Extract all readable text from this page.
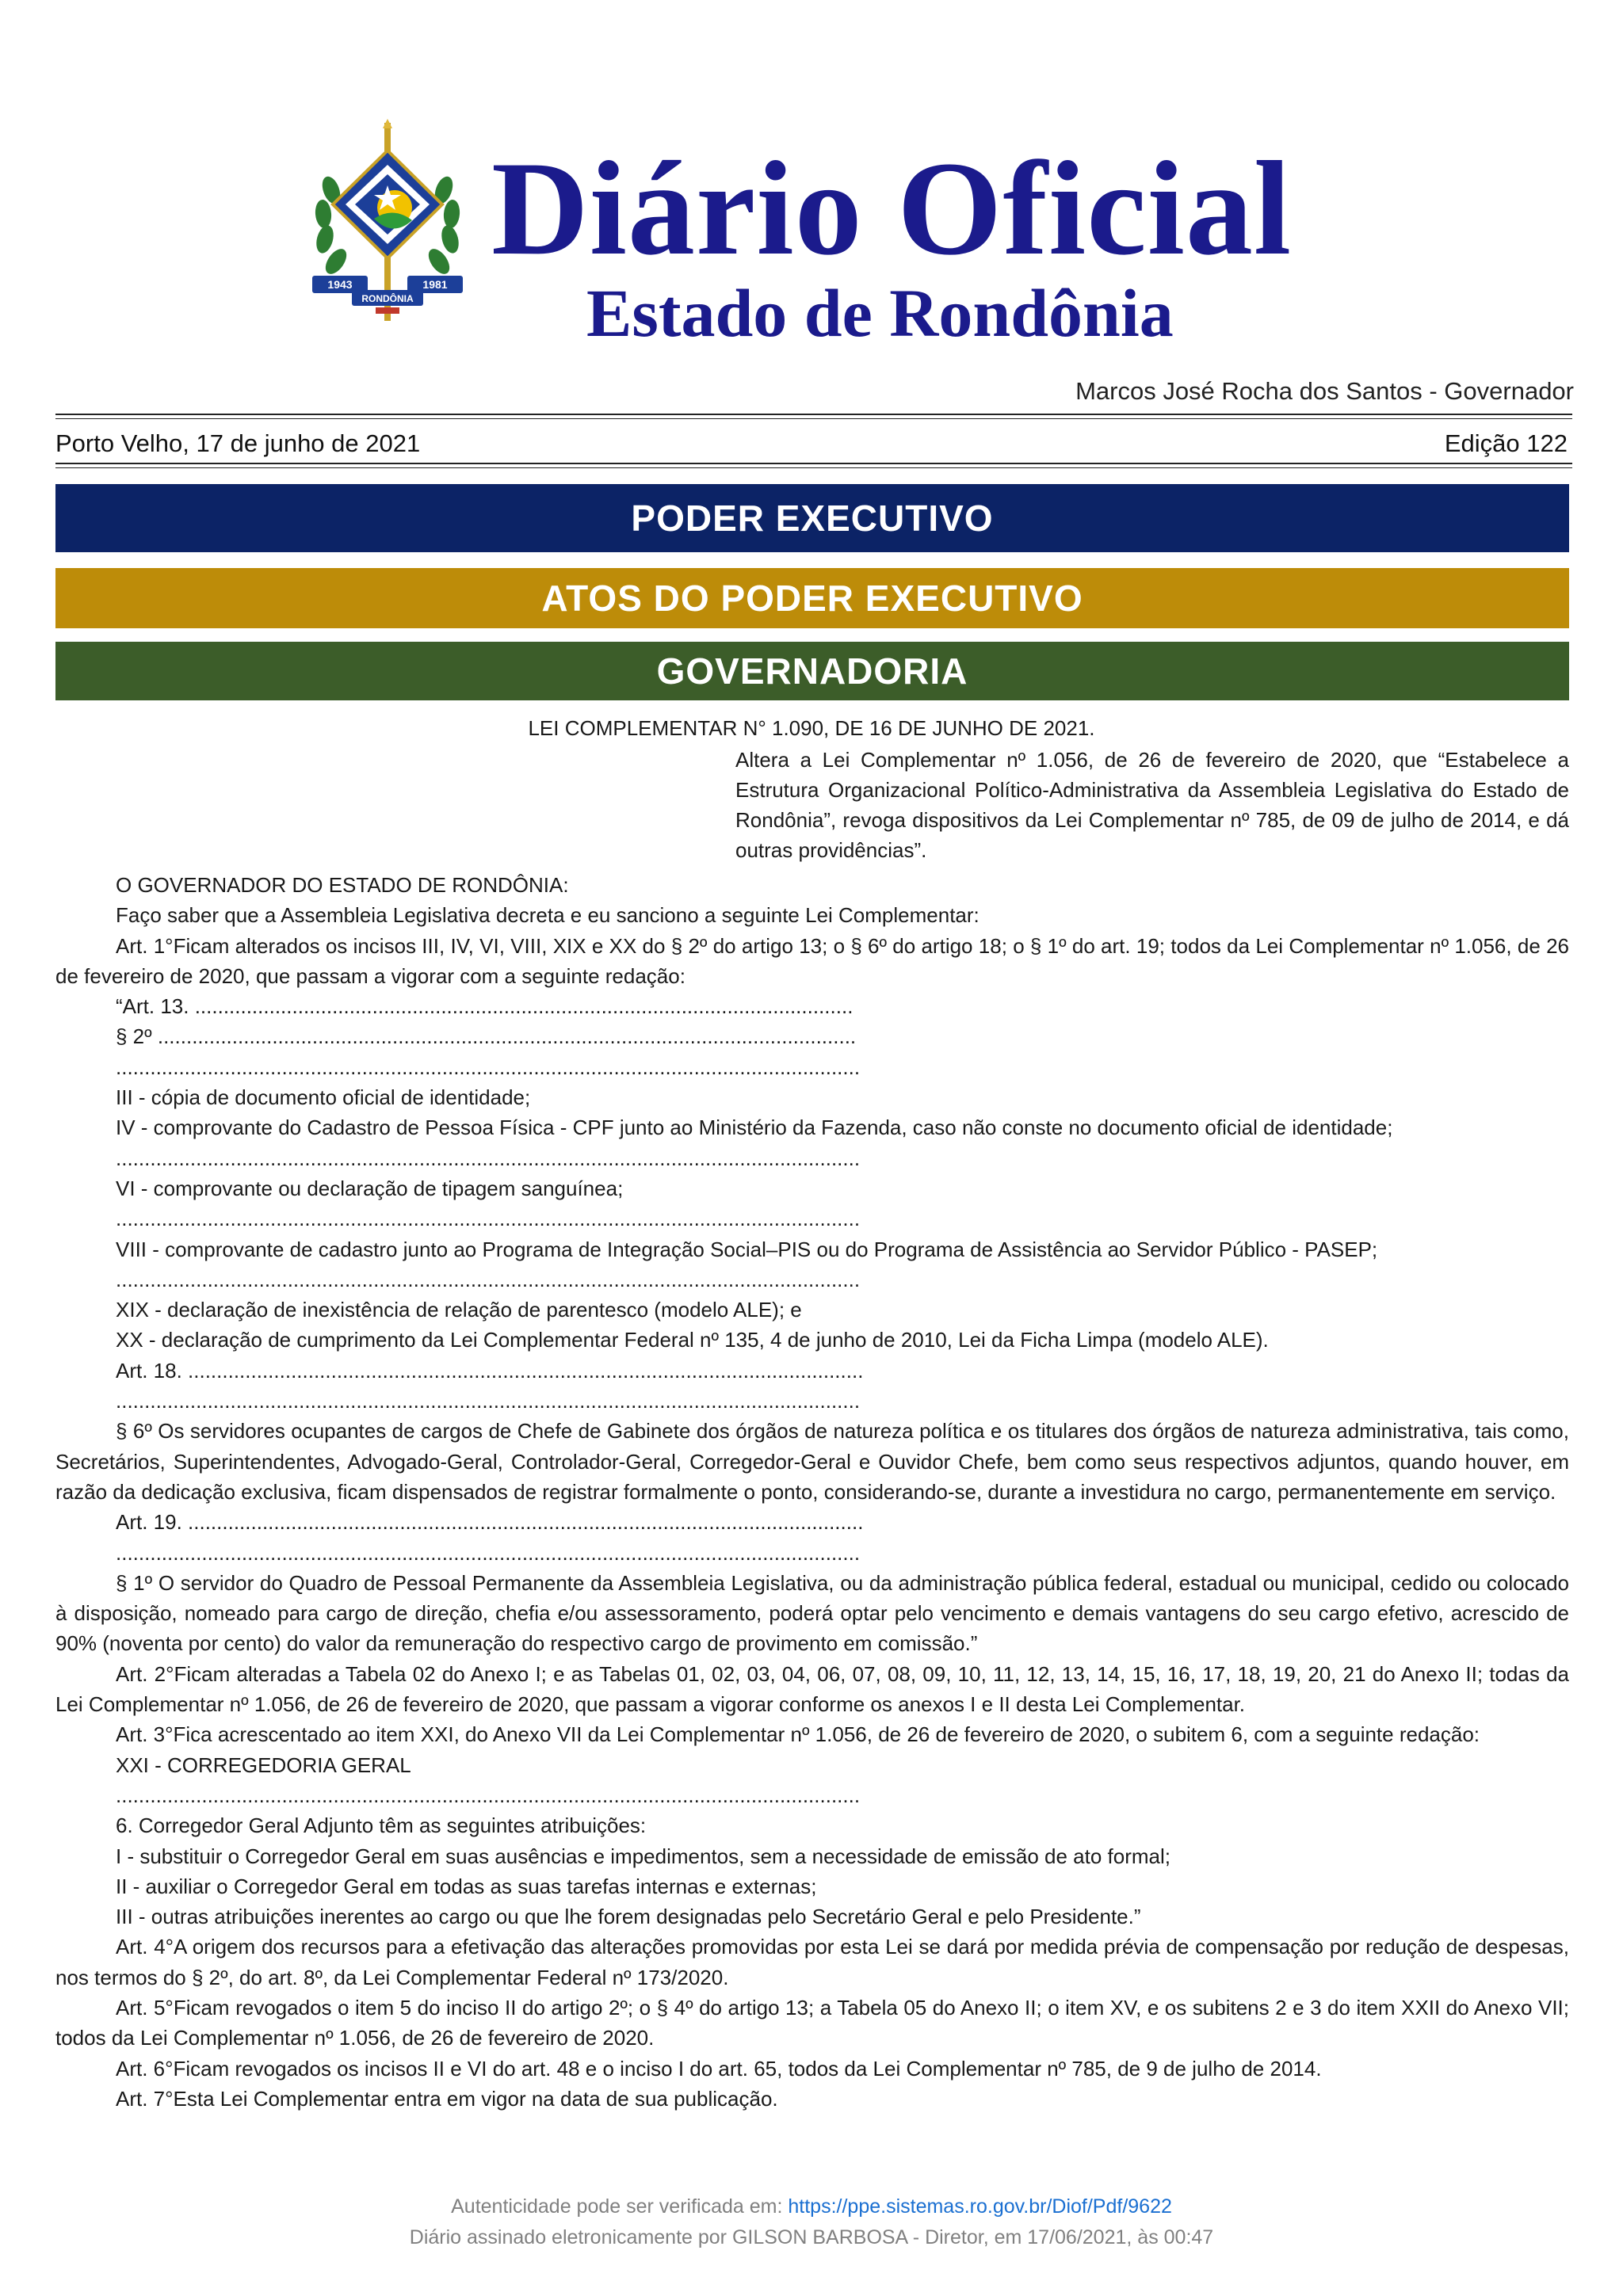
1943	1981
RONDÔNIA
Diário Oficial
Estado de Rondônia
Marcos José Rocha dos Santos - Governador
Porto Velho, 17 de junho de 2021	Edição 122
PODER EXECUTIVO
ATOS DO PODER EXECUTIVO
GOVERNADORIA
LEI COMPLEMENTAR N° 1.090, DE 16 DE JUNHO DE 2021.
Altera a Lei Complementar nº 1.056, de 26 de fevereiro de 2020, que “Estabelece a Estrutura Organizacional Político-Administrativa da Assembleia Legislativa do Estado de Rondônia”, revoga dispositivos da Lei Complementar nº 785, de 09 de julho de 2014, e dá outras providências”.

O GOVERNADOR DO ESTADO DE RONDÔNIA:

Faço saber que a Assembleia Legislativa decreta e eu sanciono a seguinte Lei Complementar:

Art. 1°Ficam alterados os incisos III, IV, VI, VIII, XIX e XX do § 2º do artigo 13; o § 6º do artigo 18; o § 1º do art. 19; todos da Lei Complementar nº 1.056, de 26 de fevereiro de 2020, que passam a vigorar com a seguinte redação:

“Art. 13. ...................................................................................................................

§ 2º ..........................................................................................................................

..................................................................................................................................

III - cópia de documento oficial de identidade;

IV - comprovante do Cadastro de Pessoa Física - CPF junto ao Ministério da Fazenda, caso não conste no documento oficial de identidade;

..................................................................................................................................

VI - comprovante ou declaração de tipagem sanguínea;

..................................................................................................................................

VIII - comprovante de cadastro junto ao Programa de Integração Social–PIS ou do Programa de Assistência ao Servidor Público - PASEP;

..................................................................................................................................

XIX - declaração de inexistência de relação de parentesco (modelo ALE); e

XX - declaração de cumprimento da Lei Complementar Federal nº 135, 4 de junho de 2010, Lei da Ficha Limpa (modelo ALE).

Art. 18. ......................................................................................................................

..................................................................................................................................

§ 6º Os servidores ocupantes de cargos de Chefe de Gabinete dos órgãos de natureza política e os titulares dos órgãos de natureza administrativa, tais como, Secretários, Superintendentes, Advogado-Geral, Controlador-Geral, Corregedor-Geral e Ouvidor Chefe, bem como seus respectivos adjuntos, quando houver, em razão da dedicação exclusiva, ficam dispensados de registrar formalmente o ponto, considerando-se, durante a investidura no cargo, permanentemente em serviço.

Art. 19. ......................................................................................................................

..................................................................................................................................

§ 1º O servidor do Quadro de Pessoal Permanente da Assembleia Legislativa, ou da administração pública federal, estadual ou municipal, cedido ou colocado à disposição, nomeado para cargo de direção, chefia e/ou assessoramento, poderá optar pelo vencimento e demais vantagens do seu cargo efetivo, acrescido de 90% (noventa por cento) do valor da remuneração do respectivo cargo de provimento em comissão.”

Art. 2°Ficam alteradas a Tabela 02 do Anexo I; e as Tabelas 01, 02, 03, 04, 06, 07, 08, 09, 10, 11, 12, 13, 14, 15, 16, 17, 18, 19, 20, 21 do Anexo II; todas da Lei Complementar nº 1.056, de 26 de fevereiro de 2020, que passam a vigorar conforme os anexos I e II desta Lei Complementar.

Art. 3°Fica acrescentado ao item XXI, do Anexo VII da Lei Complementar nº 1.056, de 26 de fevereiro de 2020, o subitem 6, com a seguinte redação:

XXI - CORREGEDORIA GERAL

..................................................................................................................................

6. Corregedor Geral Adjunto têm as seguintes atribuições:

I - substituir o Corregedor Geral em suas ausências e impedimentos, sem a necessidade de emissão de ato formal;

II - auxiliar o Corregedor Geral em todas as suas tarefas internas e externas;

III - outras atribuições inerentes ao cargo ou que lhe forem designadas pelo Secretário Geral e pelo Presidente.”

Art. 4°A origem dos recursos para a efetivação das alterações promovidas por esta Lei se dará por medida prévia de compensação por redução de despesas, nos termos do § 2º, do art. 8º, da Lei Complementar Federal nº 173/2020.

Art. 5°Ficam revogados o item 5 do inciso II do artigo 2º; o § 4º do artigo 13; a Tabela 05 do Anexo II; o item XV, e os subitens 2 e 3 do item XXII do Anexo VII; todos da Lei Complementar nº 1.056, de 26 de fevereiro de 2020.

Art. 6°Ficam revogados os incisos II e VI do art. 48 e o inciso I do art. 65, todos da Lei Complementar nº 785, de 9 de julho de 2014.

Art. 7°Esta Lei Complementar entra em vigor na data de sua publicação.

Autenticidade pode ser verificada em: https://ppe.sistemas.ro.gov.br/Diof/Pdf/9622
Diário assinado eletronicamente por GILSON BARBOSA - Diretor, em 17/06/2021, às 00:47
